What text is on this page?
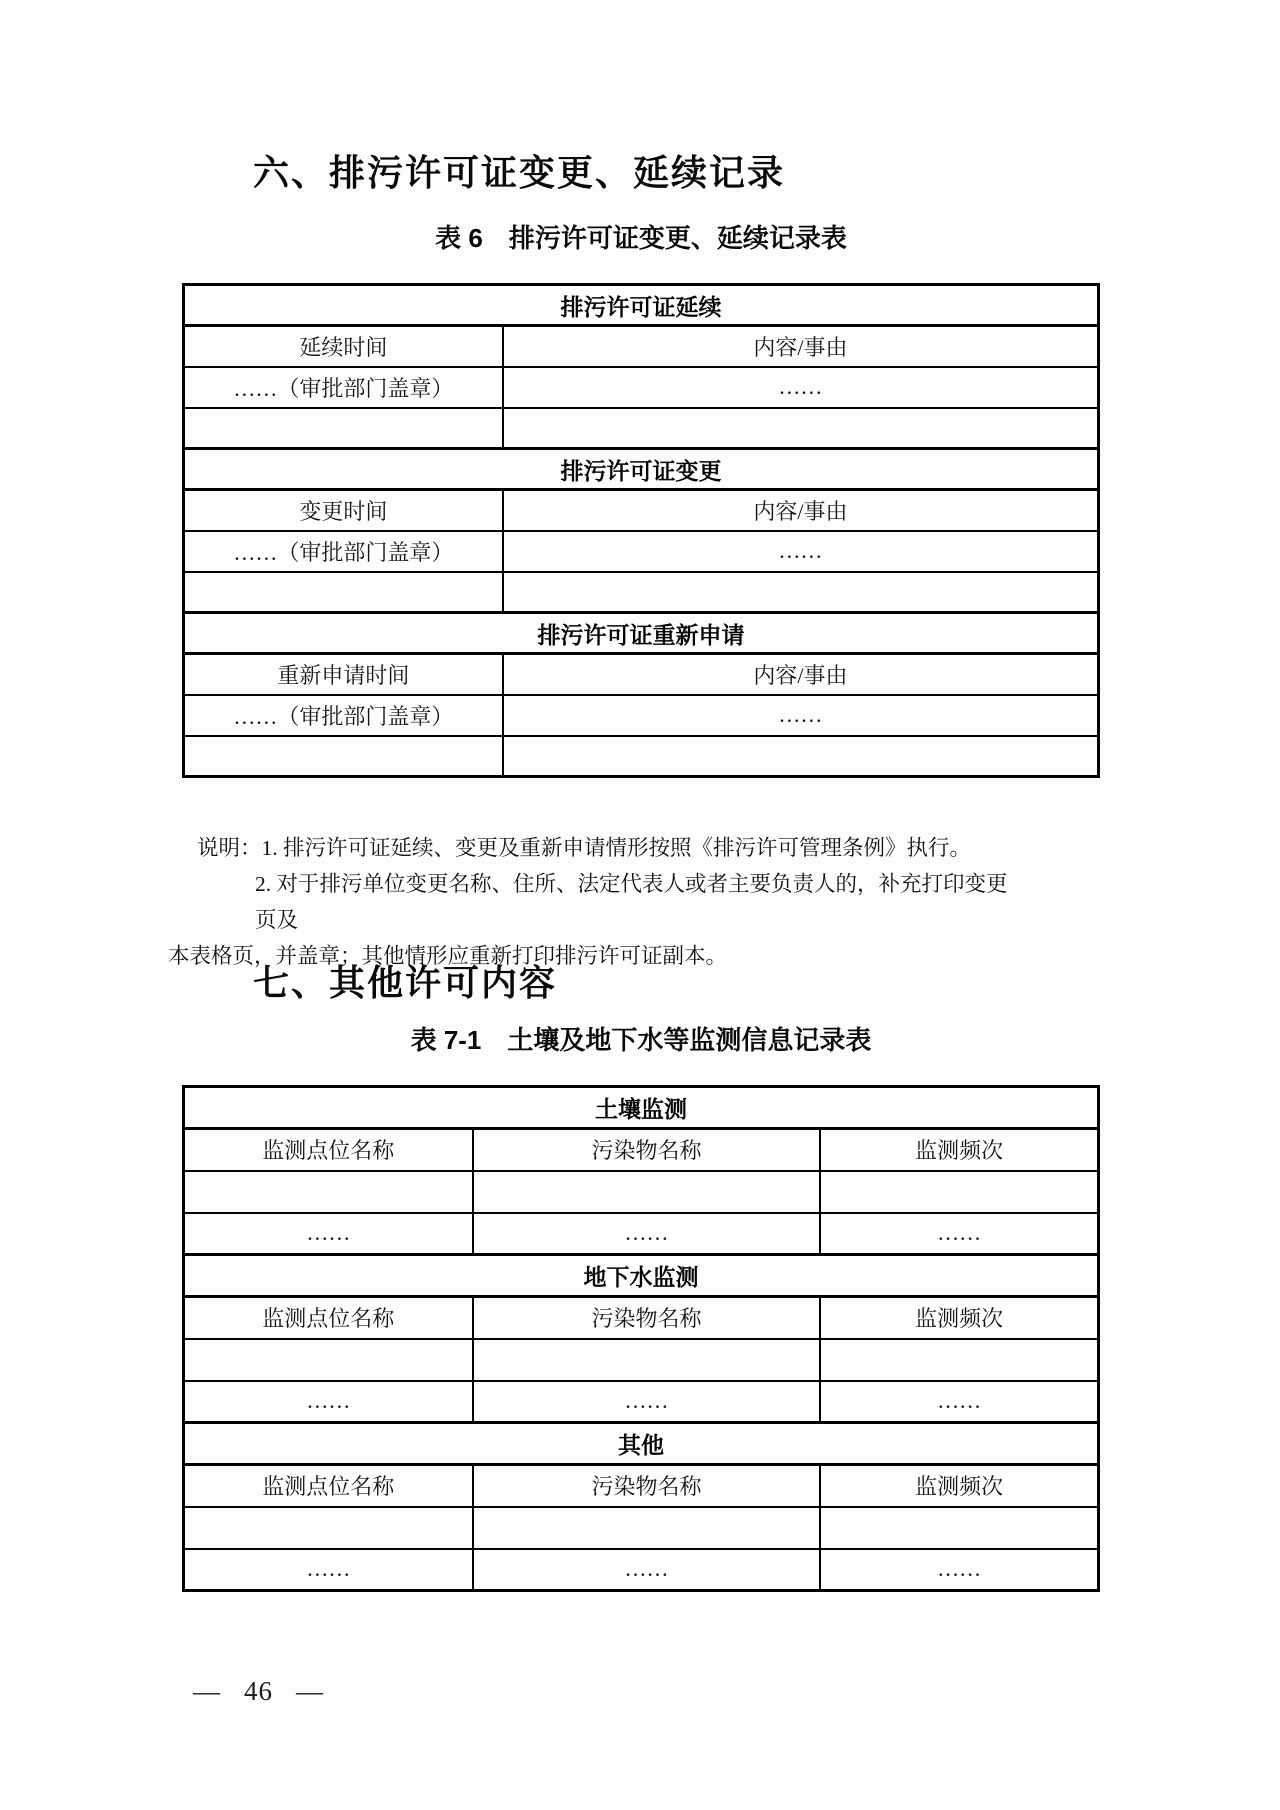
六、排污许可证变更、延续记录
表 6　排污许可证变更、延续记录表
排污许可证延续	
延续时间	内容/事由
……（审批部门盖章）	……

排污许可证变更	
变更时间	内容/事由
……（审批部门盖章）	……

排污许可证重新申请	
重新申请时间	内容/事由
……（审批部门盖章）	……

说明：1. 排污许可证延续、变更及重新申请情形按照《排污许可管理条例》执行。
2. 对于排污单位变更名称、住所、法定代表人或者主要负责人的，补充打印变更页及
本表格页，并盖章；其他情形应重新打印排污许可证副本。
七、其他许可内容
表 7-1　土壤及地下水等监测信息记录表
土壤监测		
监测点位名称	污染物名称	监测频次

……	……	……
地下水监测		
监测点位名称	污染物名称	监测频次

……	……	……
其他		
监测点位名称	污染物名称	监测频次

……	……	……
— 46 —
